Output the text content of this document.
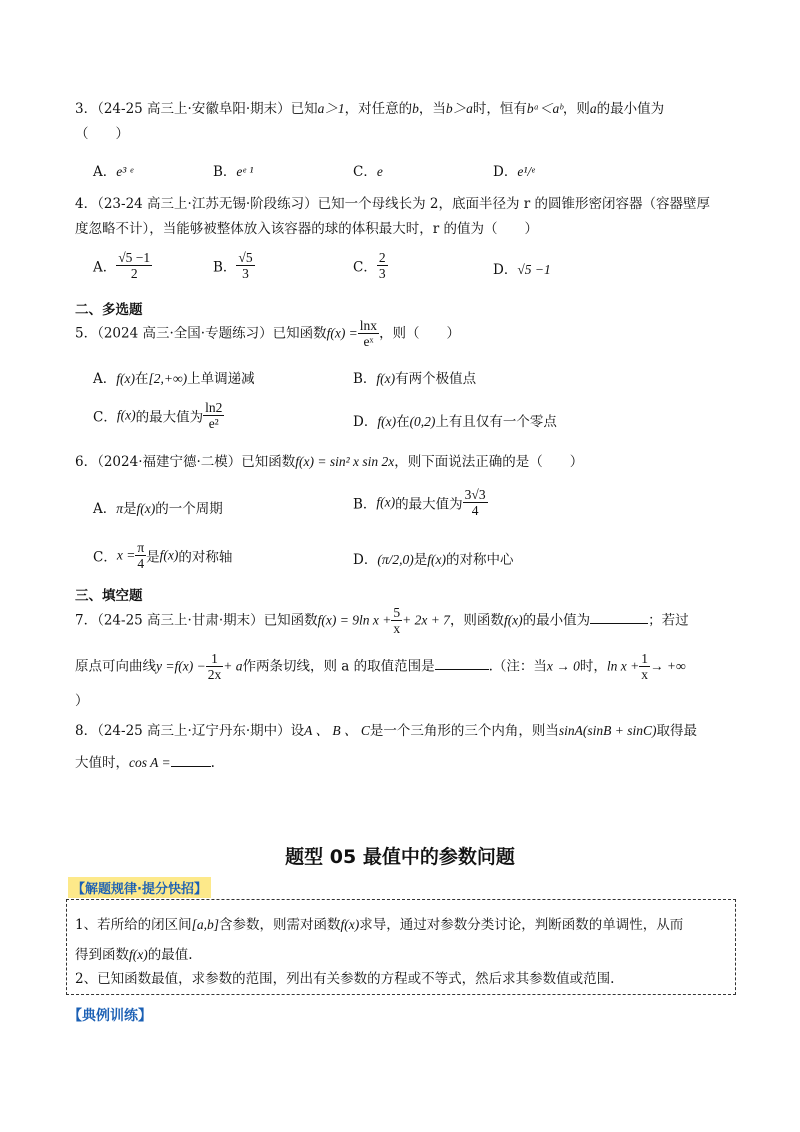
3．（24-25 高三上·安徽阜阳·期末）已知a＞1，对任意的b，当b＞a时，恒有bᵃ＜aᵇ，则a的最小值为
（　　）
A．e³ ᵉ	B．eᵉ ¹	C．e	D．e¹/ᵉ
4．（23-24 高三上·江苏无锡·阶段练习）已知一个母线长为 2，底面半径为 r 的圆锥形密闭容器（容器壁厚
度忽略不计），当能够被整体放入该容器的球的体积最大时，r 的值为（　　）
A． $\frac{√5 -1}{2}$	B． $\frac{√5}{3}$	C． $\frac{2}{3}$	D．√5 −1
二、多选题
5．（2024 高三·全国·专题练习）已知函数$f(x) = \frac{\ln x}{\text{eˣ}}$ ，则（　　）
A．f(x)在[2,+∞)上单调递减	B．f(x)有两个极值点
C．f(x)的最大值为 $\frac{\ln 2}{\text{e²}}$	D．f(x)在(0,2)上有且仅有一个零点
6．（2024·福建宁德·二模）已知函数f(x) = sin² x sin 2x，则下面说法正确的是（　　）
A．π是f(x)的一个周期	B．f(x)的最大值为 $\frac{3√3}{4}$
C．$x = \frac{\pi}{4}$ 是f(x)的对称轴	D．(π/2,0)是f(x)的对称中心
三、填空题
7．（24-25 高三上·甘肃·期末）已知函数f(x) = 9ln $x + \frac{5}{x} + 2x + 7$，则函数f(x)的最小值为	；若过
原点可向曲线$y =f(x) - \frac{1}{2x} + a$作两条切线，则 a 的取值范围是	.（注：当x → 0时，$\ln x + \frac{1}{x}$ → +∞
）
8．（24-25 高三上·辽宁丹东·期中）设A 、 B 、 C是一个三角形的三个内角，则当sinA(sinB + sinC)取得最
大值时，cos A =	.
题型 05 最值中的参数问题
【解题规律·提分快招】
1、若所给的闭区间[a,b]含参数，则需对函数f(x)求导，通过对参数分类讨论，判断函数的单调性，从而
得到函数f(x)的最值.
2、已知函数最值，求参数的范围，列出有关参数的方程或不等式，然后求其参数值或范围.
【典例训练】
